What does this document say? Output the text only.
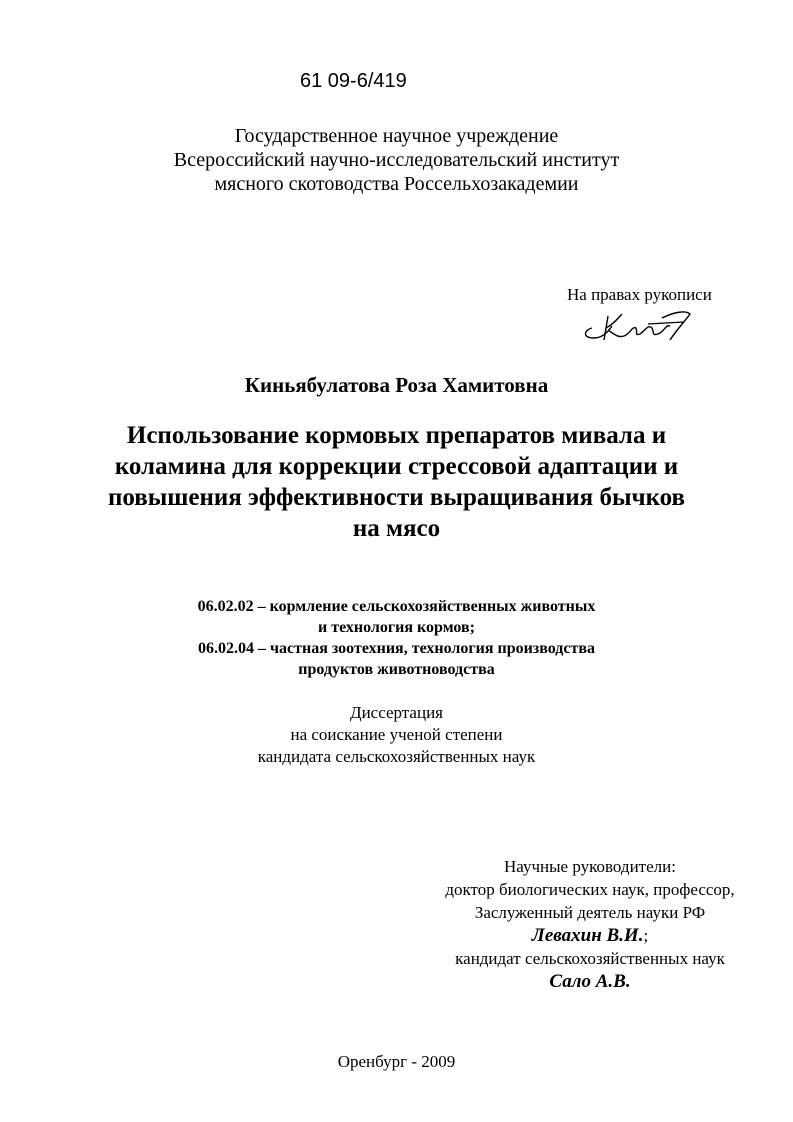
61 09-6/419
Государственное научное учреждение
Всероссийский научно-исследовательский институт
мясного скотоводства Россельхозакадемии
На правах рукописи
Киньябулатова Роза Хамитовна
Использование кормовых препаратов мивала и
коламина для коррекции стрессовой адаптации и
повышения эффективности выращивания бычков
на мясо
06.02.02 – кормление сельскохозяйственных животных
и технология кормов;
06.02.04 – частная зоотехния, технология производства
продуктов животноводства
Диссертация
на соискание ученой степени
кандидата сельскохозяйственных наук
Научные руководители:
доктор биологических наук, профессор,
Заслуженный деятель науки РФ
Левахин В.И.;
кандидат сельскохозяйственных наук
Сало А.В.
Оренбург - 2009
